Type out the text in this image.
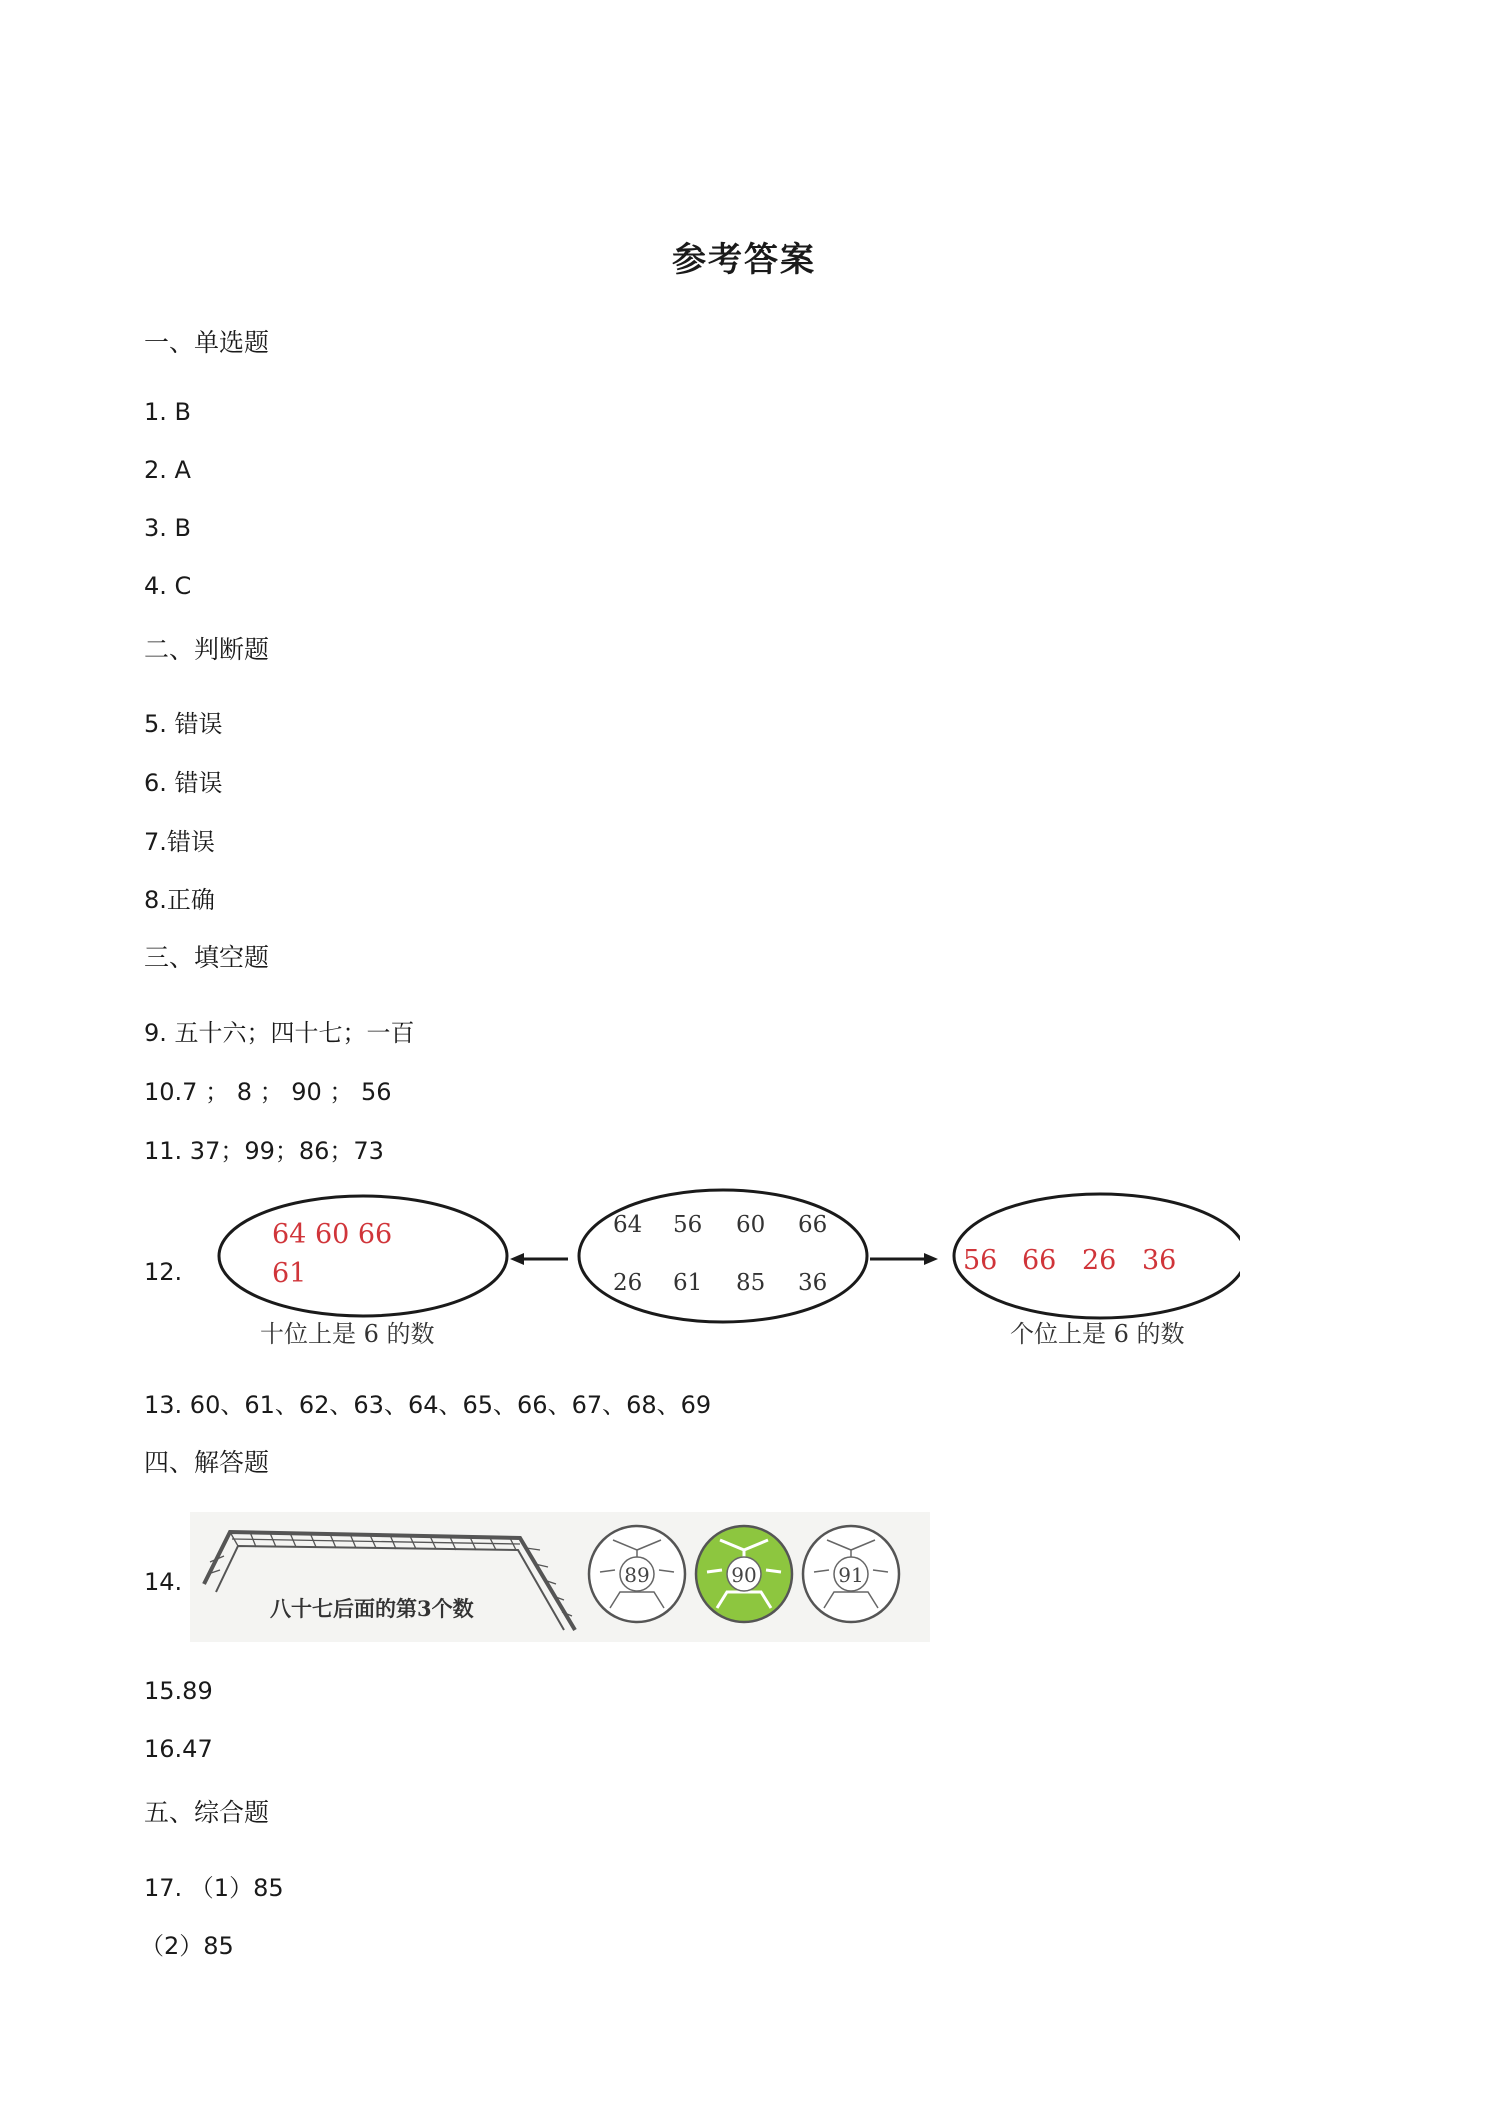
参考答案
一、单选题
1. B
2. A
3. B
4. C
二、判断题
5. 错误
6. 错误
7.错误
8.正确
三、填空题
9. 五十六；四十七；一百
10.7 ； 8 ； 90 ； 56
11. 37；99；86；73
12.
64 60 66
61
64 56 60 66
26 61 85 36
56 66 26 36
十位上是 6 的数	个位上是 6 的数
13. 60、61、62、63、64、65、66、67、68、69
四、解答题
14.
八十七后面的第3个数
89	90	91
15.89
16.47
五、综合题
17. （1）85
（2）85
